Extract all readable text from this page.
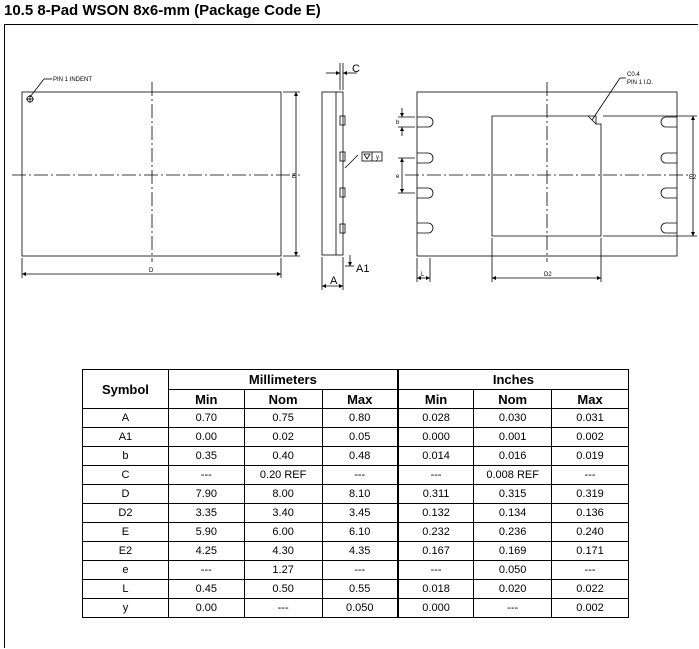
10.5 8-Pad WSON 8x6-mm (Package Code E)
PIN 1 INDENT
C0.4
PIN 1 I.D.
D
E
D2
L
E2
b
e
y
C
A
A1
Symbol	Millimeters			Inches		
	Min	Nom	Max	Min	Nom	Max
A	0.70	0.75	0.80	0.028	0.030	0.031
A1	0.00	0.02	0.05	0.000	0.001	0.002
b	0.35	0.40	0.48	0.014	0.016	0.019
C	---	0.20 REF	---	---	0.008 REF	---
D	7.90	8.00	8.10	0.311	0.315	0.319
D2	3.35	3.40	3.45	0.132	0.134	0.136
E	5.90	6.00	6.10	0.232	0.236	0.240
E2	4.25	4.30	4.35	0.167	0.169	0.171
e	---	1.27	---	---	0.050	---
L	0.45	0.50	0.55	0.018	0.020	0.022
y	0.00	---	0.050	0.000	---	0.002
